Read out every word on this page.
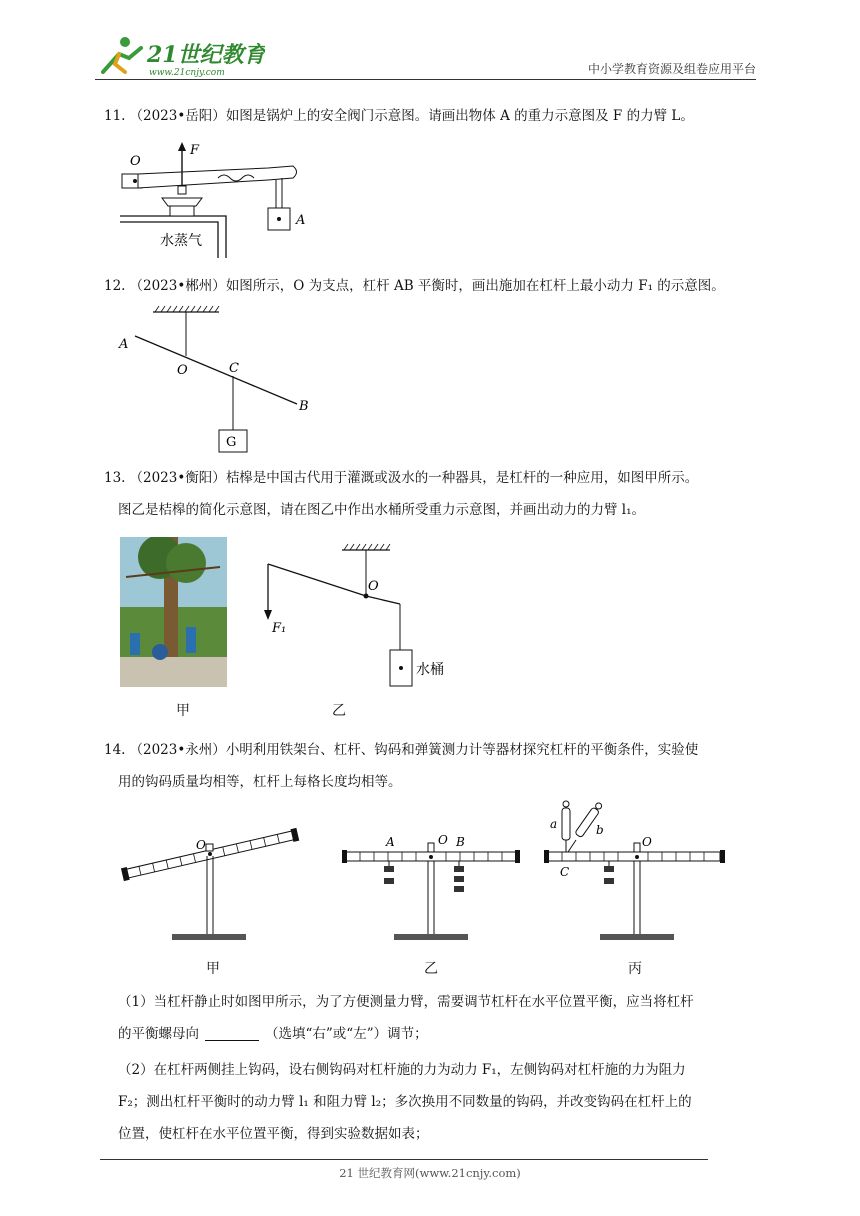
21世纪教育
www.21cnjy.com	中小学教育资源及组卷应用平台
11. （2023•岳阳）如图是锅炉上的安全阀门示意图。请画出物体 A 的重力示意图及 F 的力臂 L。
O
F
A
水蒸气
12. （2023•郴州）如图所示，O 为支点，杠杆 AB 平衡时，画出施加在杠杆上最小动力 F₁ 的示意图。
A
O	C
B
G
13. （2023•衡阳）桔槔是中国古代用于灌溉或汲水的一种器具，是杠杆的一种应用，如图甲所示。
图乙是桔槔的简化示意图，请在图乙中作出水桶所受重力示意图，并画出动力的力臂 l₁。
O
F₁
水桶
甲	乙
14. （2023•永州）小明利用铁架台、杠杆、钩码和弹簧测力计等器材探究杠杆的平衡条件，实验使
用的钩码质量均相等，杠杆上每格长度均相等。
O	A	O B
a	b
C
O
甲	乙	丙
（1）当杠杆静止时如图甲所示，为了方便测量力臂，需要调节杠杆在水平位置平衡，应当将杠杆
的平衡螺母向	（选填“右”或“左”）调节；
（2）在杠杆两侧挂上钩码，设右侧钩码对杠杆施的力为动力 F₁，左侧钩码对杠杆施的力为阻力
F₂；测出杠杆平衡时的动力臂 l₁ 和阻力臂 l₂；多次换用不同数量的钩码，并改变钩码在杠杆上的
位置，使杠杆在水平位置平衡，得到实验数据如表；
21 世纪教育网(www.21cnjy.com)
